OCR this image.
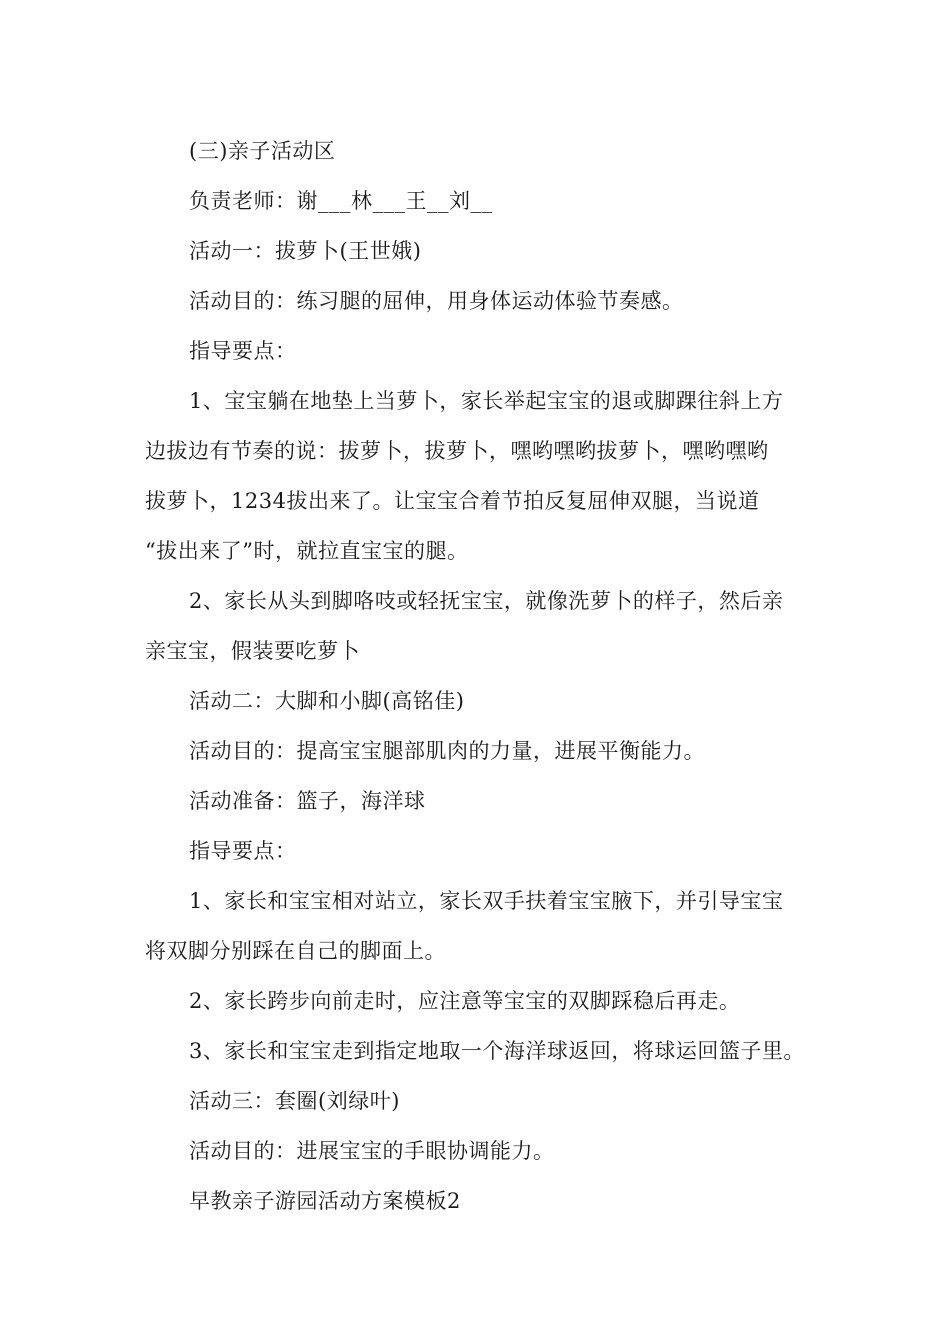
(三)亲子活动区
负责老师：谢___林___王__刘__
活动一：拔萝卜(王世娥)
活动目的：练习腿的屈伸，用身体运动体验节奏感。
指导要点：
1、宝宝躺在地垫上当萝卜，家长举起宝宝的退或脚踝往斜上方
边拔边有节奏的说：拔萝卜，拔萝卜，嘿哟嘿哟拔萝卜，嘿哟嘿哟
拔萝卜，1234拔出来了。让宝宝合着节拍反复屈伸双腿，当说道
“拔出来了”时，就拉直宝宝的腿。
2、家长从头到脚咯吱或轻抚宝宝，就像洗萝卜的样子，然后亲
亲宝宝，假装要吃萝卜
活动二：大脚和小脚(高铭佳)
活动目的：提高宝宝腿部肌肉的力量，进展平衡能力。
活动准备：篮子，海洋球
指导要点：
1、家长和宝宝相对站立，家长双手扶着宝宝腋下，并引导宝宝
将双脚分别踩在自己的脚面上。
2、家长跨步向前走时，应注意等宝宝的双脚踩稳后再走。
3、家长和宝宝走到指定地取一个海洋球返回，将球运回篮子里。
活动三：套圈(刘绿叶)
活动目的：进展宝宝的手眼协调能力。
早教亲子游园活动方案模板2
